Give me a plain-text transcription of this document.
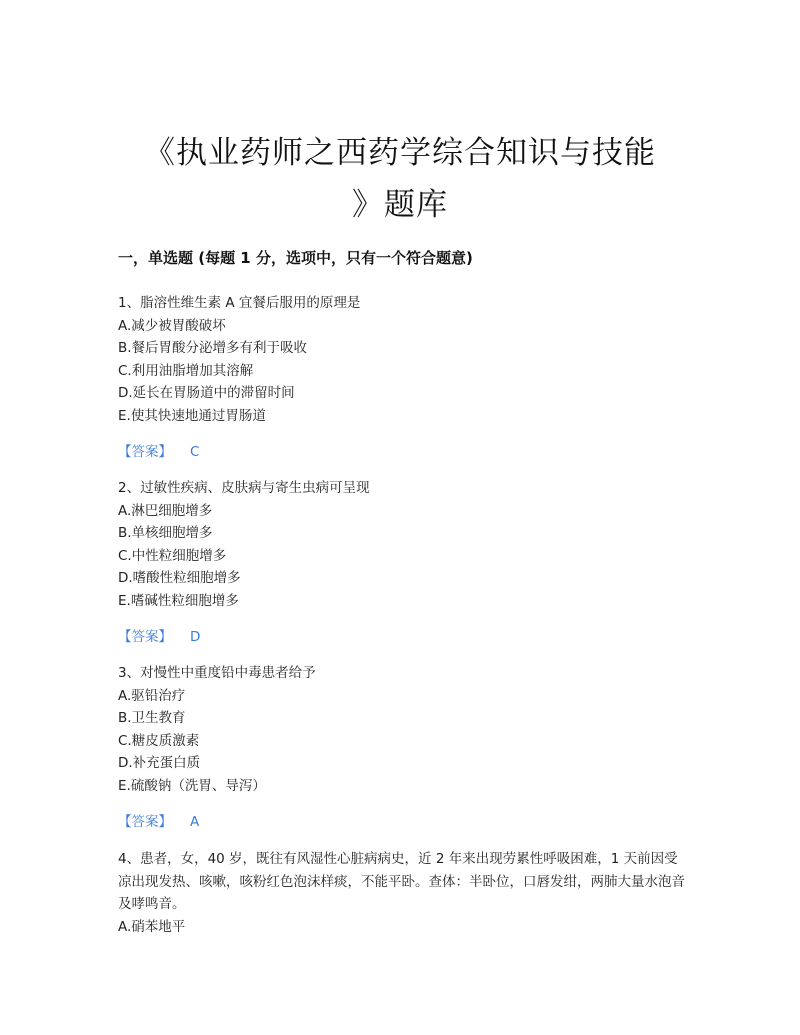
《执业药师之西药学综合知识与技能
》题库
一，单选题 (每题 1 分，选项中，只有一个符合题意)
1、脂溶性维生素 A 宜餐后服用的原理是
A.减少被胃酸破坏
B.餐后胃酸分泌增多有利于吸收
C.利用油脂增加其溶解
D.延长在胃肠道中的滞留时间
E.使其快速地通过胃肠道
【答案】 C
2、过敏性疾病、皮肤病与寄生虫病可呈现
A.淋巴细胞增多
B.单核细胞增多
C.中性粒细胞增多
D.嗜酸性粒细胞增多
E.嗜碱性粒细胞增多
【答案】 D
3、对慢性中重度铅中毒患者给予
A.驱铅治疗
B.卫生教育
C.糖皮质激素
D.补充蛋白质
E.硫酸钠（洗胃、导泻）
【答案】 A
4、患者，女，40 岁，既往有风湿性心脏病病史，近 2 年来出现劳累性呼吸困难，1 天前因受凉出现发热、咳嗽，咳粉红色泡沫样痰，不能平卧。查体：半卧位，口唇发绀，两肺大量水泡音及哮鸣音。
A.硝苯地平
